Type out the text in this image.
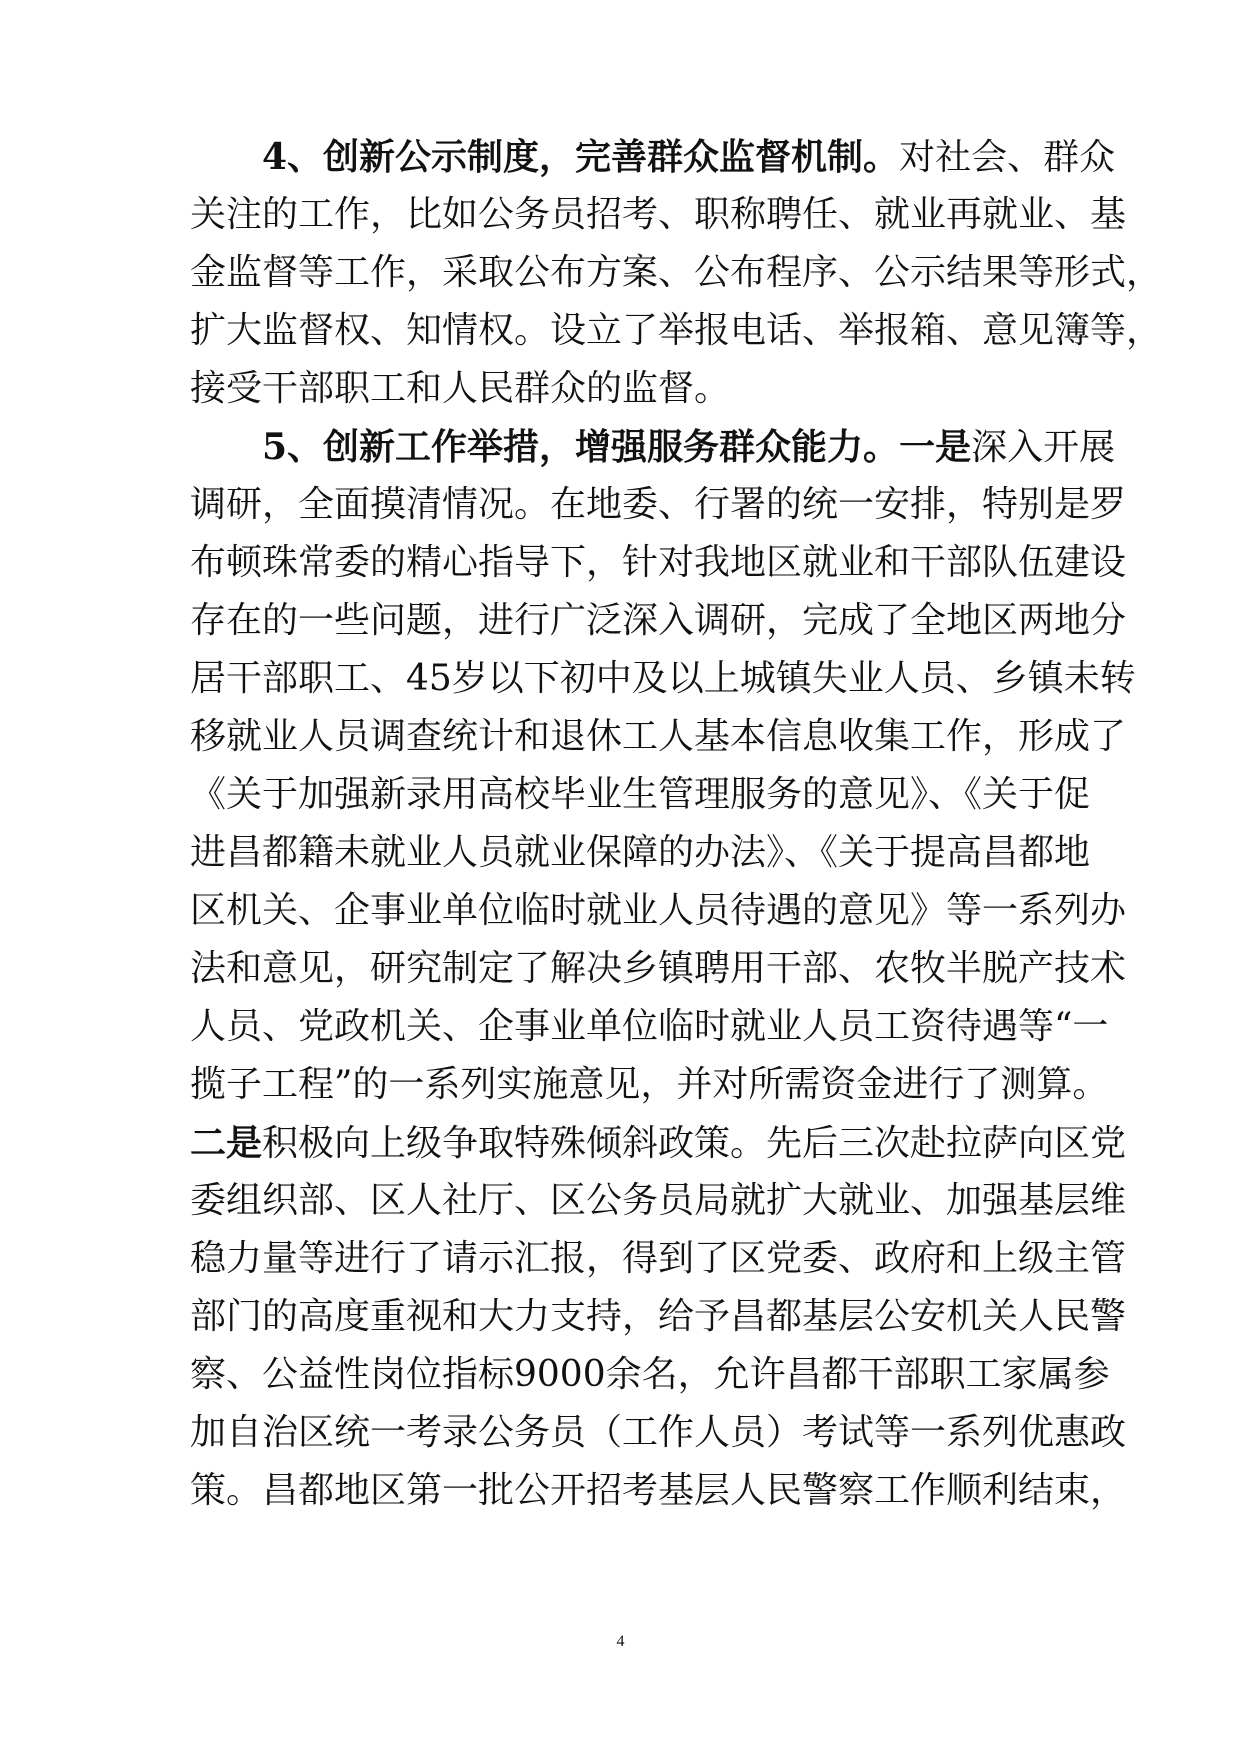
4、创新公示制度，完善群众监督机制。对社会、群众
关注的工作，比如公务员招考、职称聘任、就业再就业、基
金监督等工作，采取公布方案、公布程序、公示结果等形式，
扩大监督权、知情权。设立了举报电话、举报箱、意见簿等，
接受干部职工和人民群众的监督。
5、创新工作举措，增强服务群众能力。一是深入开展
调研，全面摸清情况。在地委、行署的统一安排，特别是罗
布顿珠常委的精心指导下，针对我地区就业和干部队伍建设
存在的一些问题，进行广泛深入调研，完成了全地区两地分
居干部职工、45岁以下初中及以上城镇失业人员、乡镇未转
移就业人员调查统计和退休工人基本信息收集工作，形成了
《关于加强新录用高校毕业生管理服务的意见》、《关于促
进昌都籍未就业人员就业保障的办法》、《关于提高昌都地
区机关、企事业单位临时就业人员待遇的意见》等一系列办
法和意见，研究制定了解决乡镇聘用干部、农牧半脱产技术
人员、党政机关、企事业单位临时就业人员工资待遇等“一
揽子工程”的一系列实施意见，并对所需资金进行了测算。
二是积极向上级争取特殊倾斜政策。先后三次赴拉萨向区党
委组织部、区人社厅、区公务员局就扩大就业、加强基层维
稳力量等进行了请示汇报，得到了区党委、政府和上级主管
部门的高度重视和大力支持，给予昌都基层公安机关人民警
察、公益性岗位指标9000余名，允许昌都干部职工家属参
加自治区统一考录公务员（工作人员）考试等一系列优惠政
策。昌都地区第一批公开招考基层人民警察工作顺利结束，
4
